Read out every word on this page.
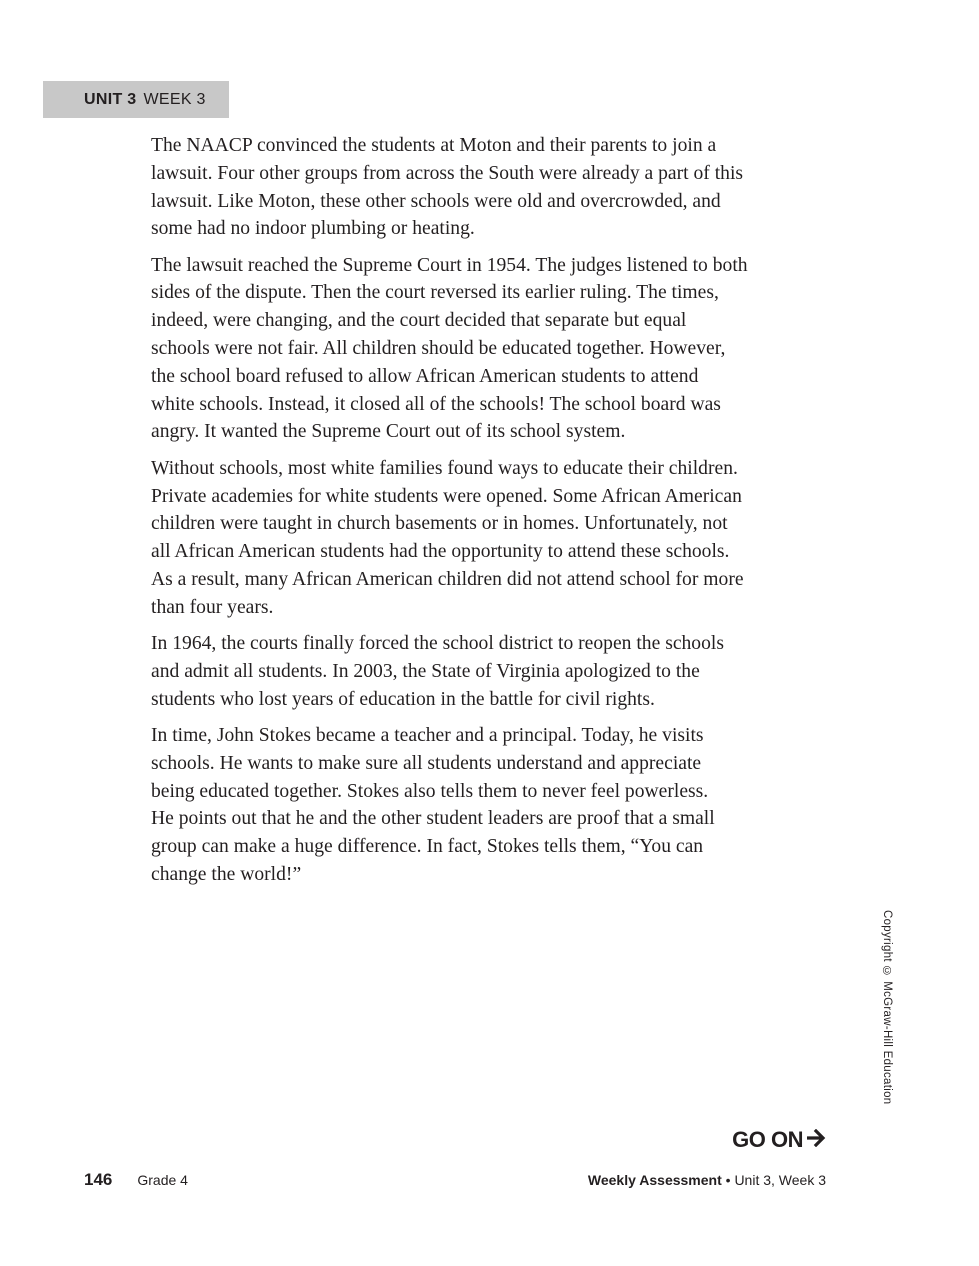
UNIT 3 WEEK 3

The NAACP convinced the students at Moton and their parents to join a
lawsuit. Four other groups from across the South were already a part of this
lawsuit. Like Moton, these other schools were old and overcrowded, and
some had no indoor plumbing or heating.

The lawsuit reached the Supreme Court in 1954. The judges listened to both
sides of the dispute. Then the court reversed its earlier ruling. The times,
indeed, were changing, and the court decided that separate but equal
schools were not fair. All children should be educated together. However,
the school board refused to allow African American students to attend
white schools. Instead, it closed all of the schools! The school board was
angry. It wanted the Supreme Court out of its school system.

Without schools, most white families found ways to educate their children.
Private academies for white students were opened. Some African American
children were taught in church basements or in homes. Unfortunately, not
all African American students had the opportunity to attend these schools.
As a result, many African American children did not attend school for more
than four years.

In 1964, the courts finally forced the school district to reopen the schools
and admit all students. In 2003, the State of Virginia apologized to the
students who lost years of education in the battle for civil rights.

In time, John Stokes became a teacher and a principal. Today, he visits
schools. He wants to make sure all students understand and appreciate
being educated together. Stokes also tells them to never feel powerless.
He points out that he and the other student leaders are proof that a small
group can make a huge difference. In fact, Stokes tells them, “You can
change the world!”

Copyright © McGraw-Hill Education
GO ON
146 Grade 4	Weekly Assessment • Unit 3, Week 3
